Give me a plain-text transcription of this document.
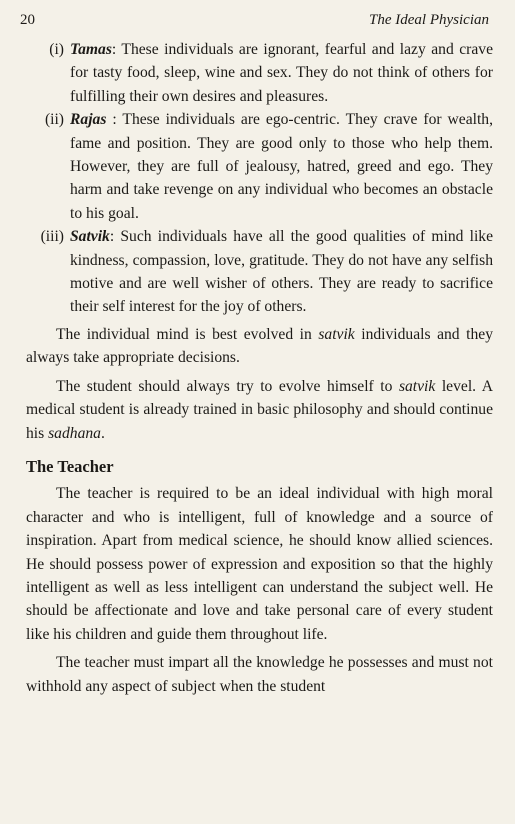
20	The Ideal Physician
(i) Tamas: These individuals are ignorant, fearful and lazy and crave for tasty food, sleep, wine and sex. They do not think of others for fulfilling their own desires and pleasures.
(ii) Rajas : These individuals are ego-centric. They crave for wealth, fame and position. They are good only to those who help them. However, they are full of jealousy, hatred, greed and ego. They harm and take revenge on any individual who becomes an obstacle to his goal.
(iii) Satvik: Such individuals have all the good qualities of mind like kindness, compassion, love, gratitude. They do not have any selfish motive and are well wisher of others. They are ready to sacrifice their self interest for the joy of others.

The individual mind is best evolved in satvik individuals and they always take appropriate decisions.

The student should always try to evolve himself to satvik level. A medical student is already trained in basic philosophy and should continue his sadhana.

The Teacher

The teacher is required to be an ideal individual with high moral character and who is intelligent, full of knowledge and a source of inspiration. Apart from medical science, he should know allied sciences. He should possess power of expression and exposition so that the highly intelligent as well as less intelligent can understand the subject well. He should be affectionate and love and take personal care of every student like his children and guide them throughout life.

The teacher must impart all the knowledge he possesses and must not withhold any aspect of subject when the student
